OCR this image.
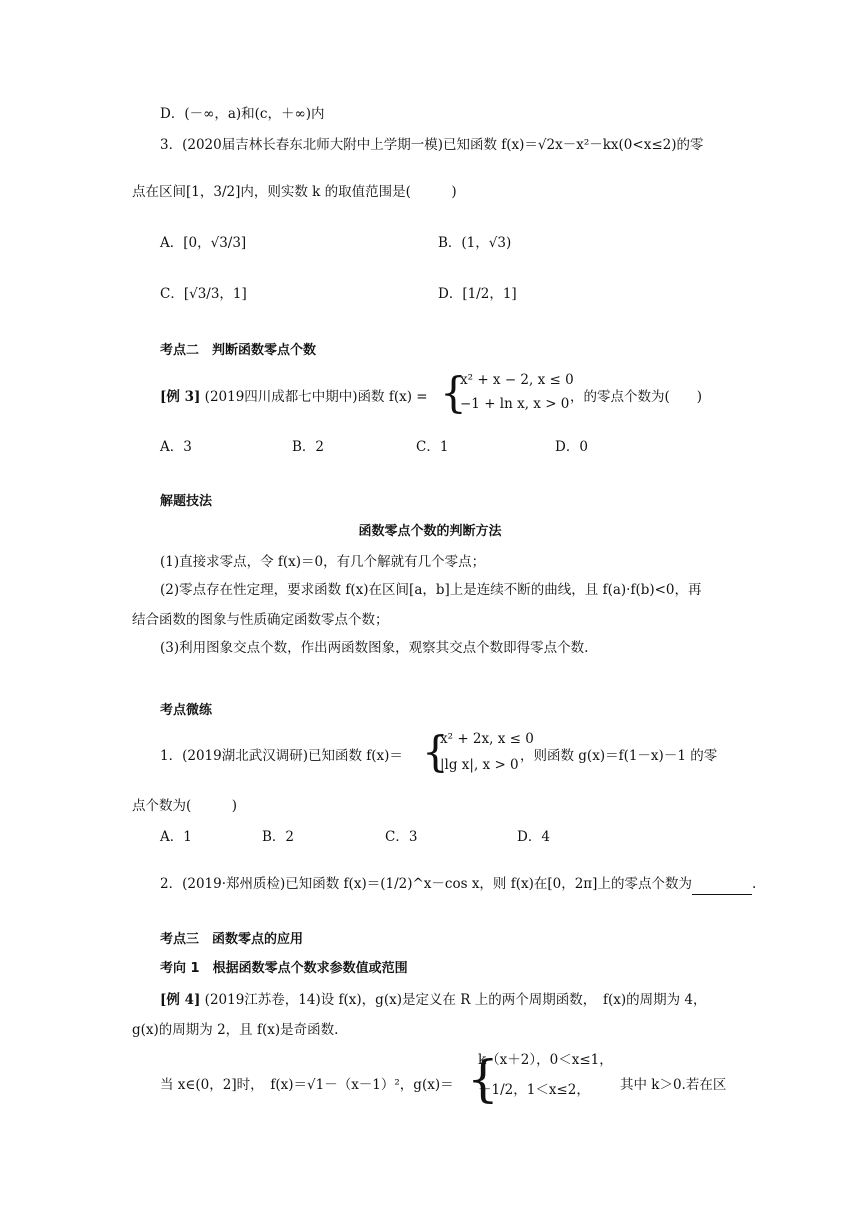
D．(－∞，a)和(c，＋∞)内
3．(2020届吉林长春东北师大附中上学期一模)已知函数 f(x)＝√2x－x²－kx(0<x≤2)的零
点在区间[1，3/2]内，则实数 k 的取值范围是(　　　)
A．[0，√3/3]	B．(1，√3)
C．[√3/3，1]	D．[1/2，1]
考点二　判断函数零点个数
[例 3] (2019四川成都七中期中)函数 f(x) = {
x² + x − 2, x ≤ 0
−1 + ln x, x > 0 ，的零点个数为(　　)
A．3	B．2	C．1	D．0
解题技法
函数零点个数的判断方法
(1)直接求零点，令 f(x)＝0，有几个解就有几个零点；
(2)零点存在性定理，要求函数 f(x)在区间[a，b]上是连续不断的曲线，且 f(a)·f(b)<0，再
结合函数的图象与性质确定函数零点个数；
(3)利用图象交点个数，作出两函数图象，观察其交点个数即得零点个数.
考点微练
1．(2019湖北武汉调研)已知函数 f(x)＝ {
x² + 2x, x ≤ 0
|lg x|, x > 0
，则函数 g(x)＝f(1－x)－1 的零
点个数为(　　　)
A．1	B．2	C．3	D．4
2．(2019·郑州质检)已知函数 f(x)＝(1/2)^x－cos x，则 f(x)在[0，2π]上的零点个数为	.
考点三　函数零点的应用
考向 1　根据函数零点个数求参数值或范围
[例 4] (2019江苏卷，14)设 f(x)，g(x)是定义在 R 上的两个周期函数，　f(x)的周期为 4，
g(x)的周期为 2，且 f(x)是奇函数.
当 x∈(0，2]时，　f(x)＝√1－（x－1）²，g(x)＝ {
k（x＋2），0＜x≤1，
－1/2，1＜x≤2， 其中 k＞0.若在区
